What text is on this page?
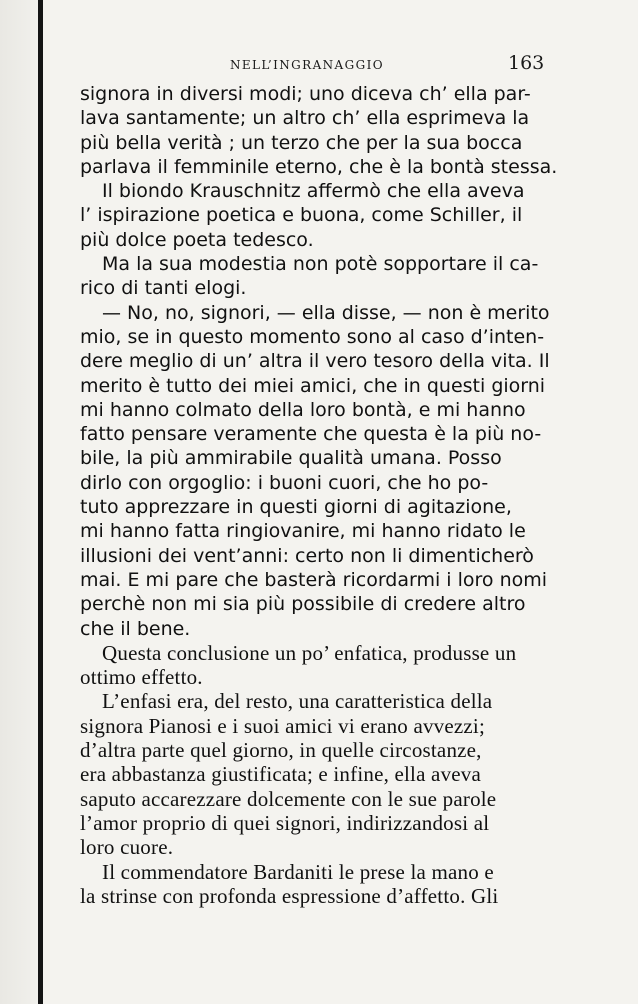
NELL’INGRANAGGIO	163
signora in diversi modi; uno diceva ch’ ella par-
lava santamente; un altro ch’ ella esprimeva la
più bella verità ; un terzo che per la sua bocca
parlava il femminile eterno, che è la bontà stessa.
Il biondo Krauschnitz affermò che ella aveva
l’ ispirazione poetica e buona, come Schiller, il
più dolce poeta tedesco.
Ma la sua modestia non potè sopportare il ca-
rico di tanti elogi.
— No, no, signori, — ella disse, — non è merito
mio, se in questo momento sono al caso d’inten-
dere meglio di un’ altra il vero tesoro della vita. Il
merito è tutto dei miei amici, che in questi giorni
mi hanno colmato della loro bontà, e mi hanno
fatto pensare veramente che questa è la più no-
bile, la più ammirabile qualità umana. Posso
dirlo con orgoglio: i buoni cuori, che ho po-
tuto apprezzare in questi giorni di agitazione,
mi hanno fatta ringiovanire, mi hanno ridato le
illusioni dei vent’anni: certo non li dimenticherò
mai. E mi pare che basterà ricordarmi i loro nomi
perchè non mi sia più possibile di credere altro
che il bene.
Questa conclusione un po’ enfatica, produsse un
ottimo effetto.
L’enfasi era, del resto, una caratteristica della
signora Pianosi e i suoi amici vi erano avvezzi;
d’altra parte quel giorno, in quelle circostanze,
era abbastanza giustificata; e infine, ella aveva
saputo accarezzare dolcemente con le sue parole
l’amor proprio di quei signori, indirizzandosi al
loro cuore.
Il commendatore Bardaniti le prese la mano e
la strinse con profonda espressione d’affetto. Gli
